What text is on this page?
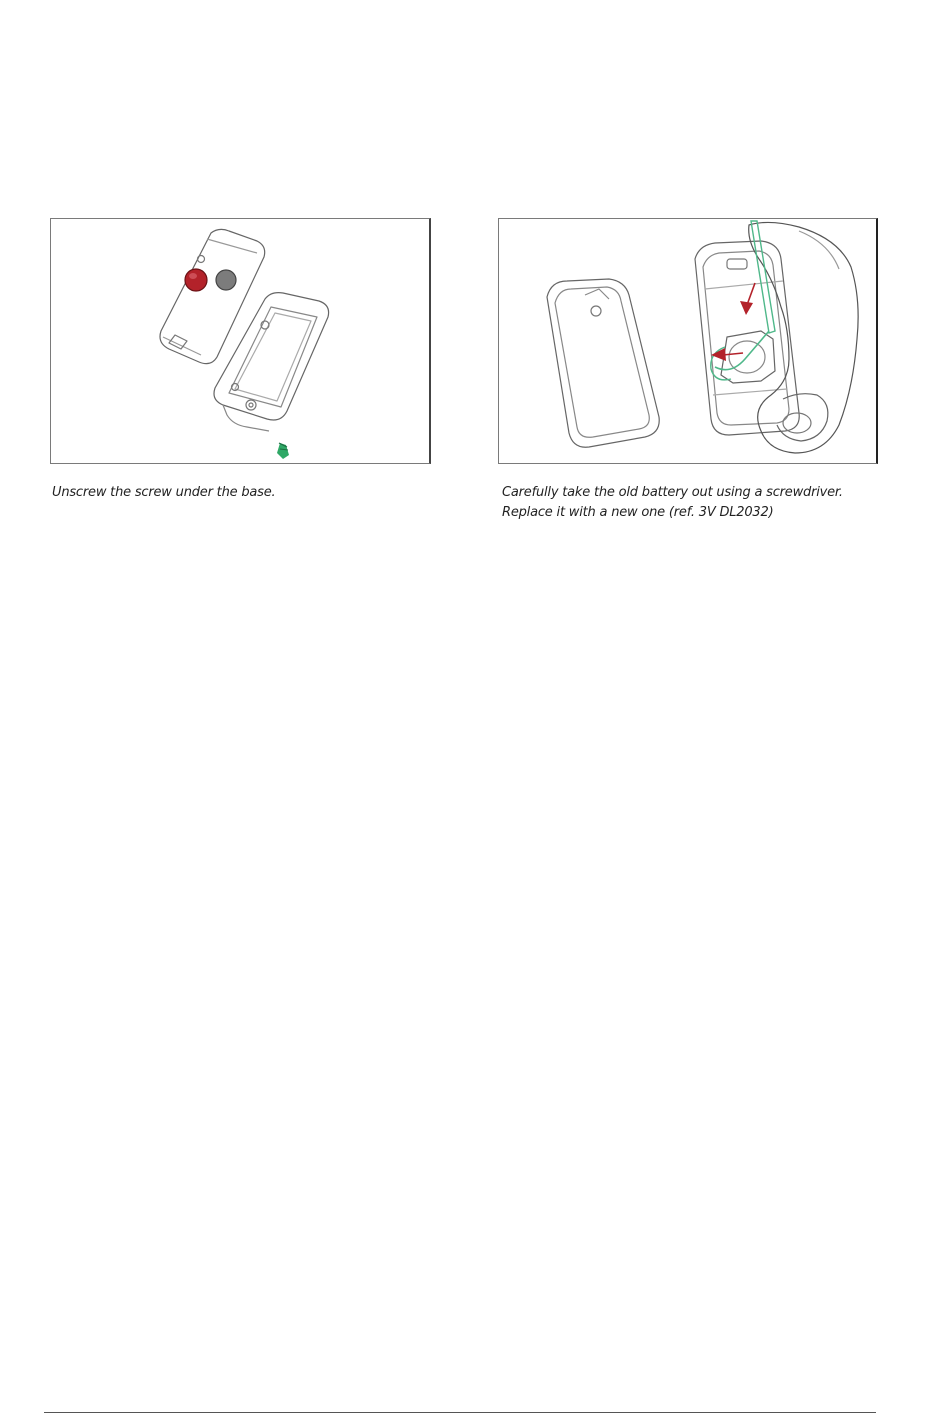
Unscrew the screw under the base.	Carefully take the old battery out using a screwdriver.
Replace it with a new one (ref. 3V DL2032)
